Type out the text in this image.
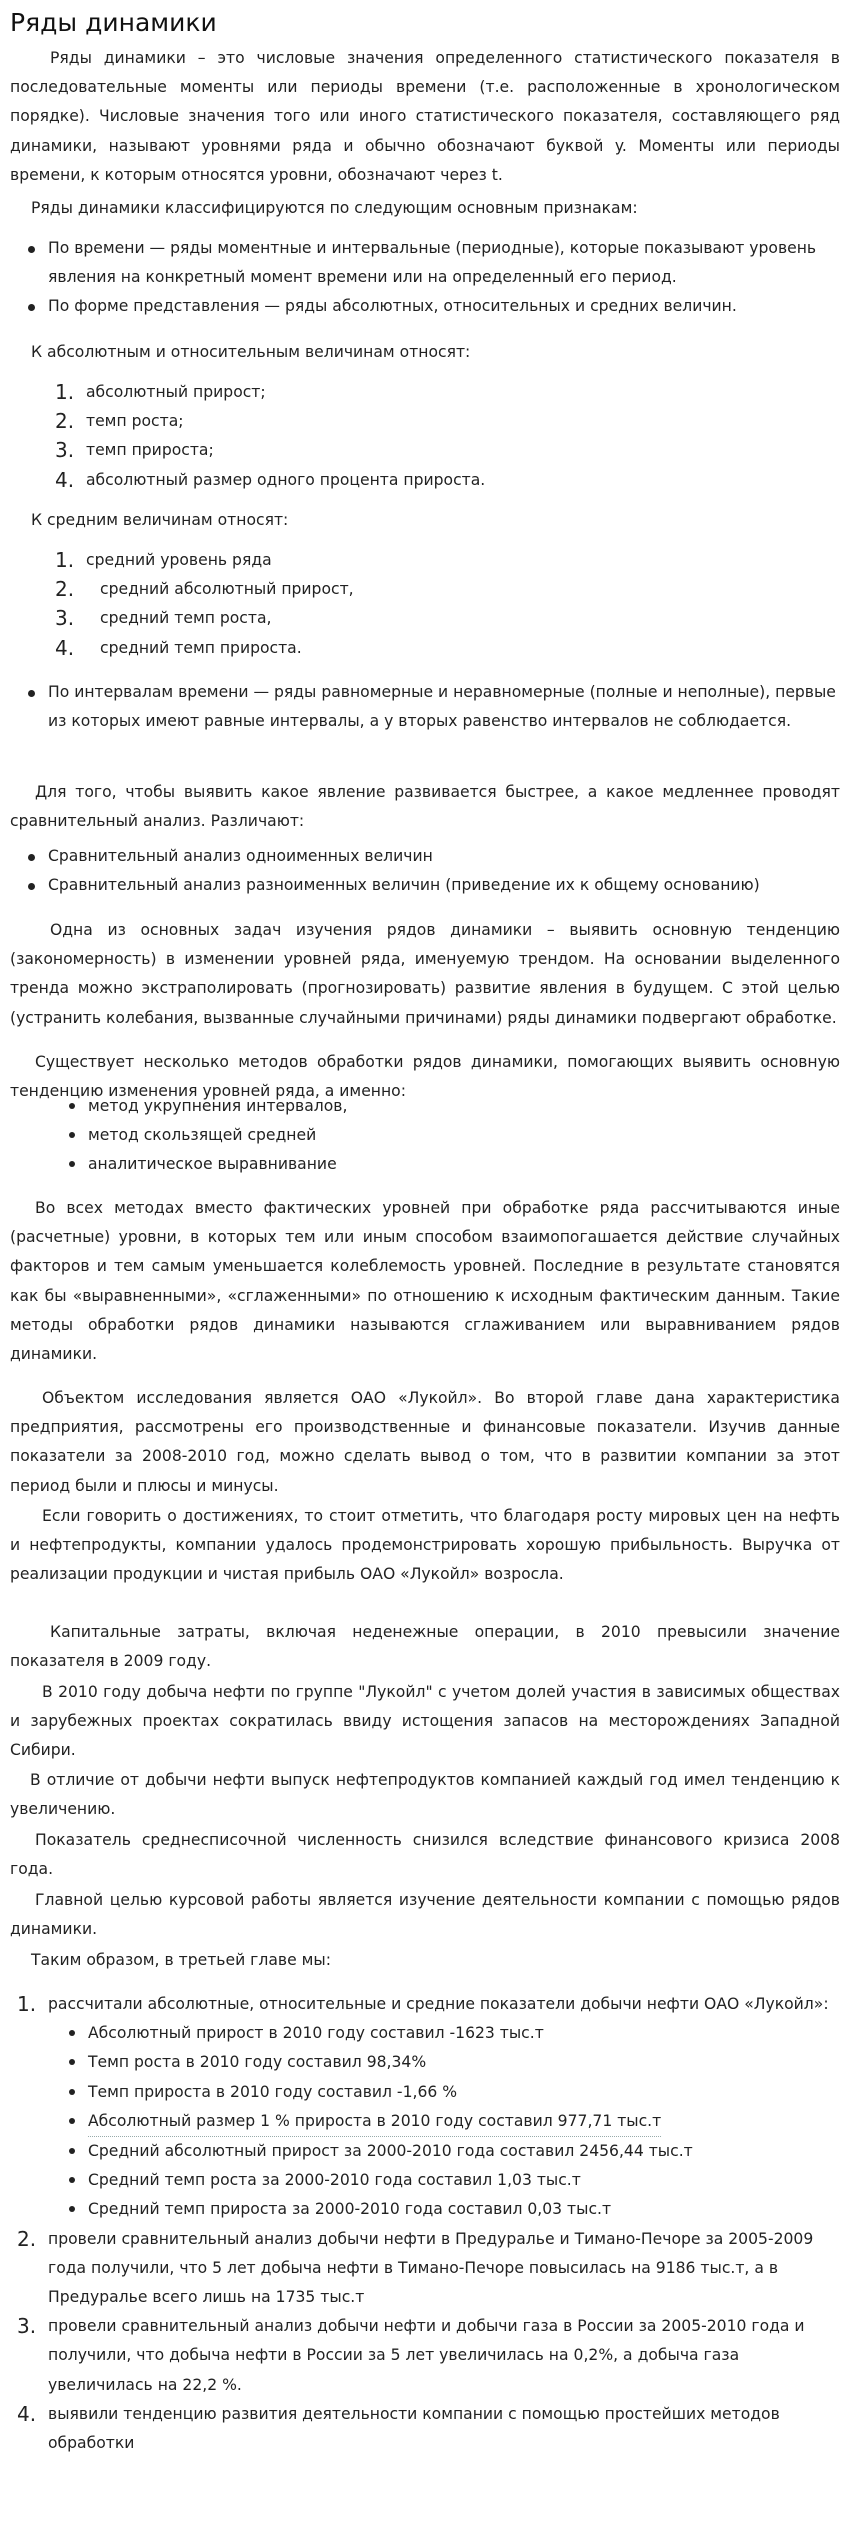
Ряды динамики

Ряды динамики – это числовые значения определенного статистического показателя в последовательные моменты или периоды времени (т.е. расположенные в хронологическом порядке). Числовые значения того или иного статистического показателя, составляющего ряд динамики, называют уровнями ряда и обычно обозначают буквой y. Моменты или периоды времени, к которым относятся уровни, обозначают через t.

Ряды динамики классифицируются по следующим основным признакам:

По времени — ряды моментные и интервальные (периодные), которые показывают уровень явления на конкретный момент времени или на определенный его период.
По форме представления — ряды абсолютных, относительных и средних величин.

К абсолютным и относительным величинам относят:

1. абсолютный прирост;
2. темп роста;
3. темп прироста;
4. абсолютный размер одного процента прироста.

К средним величинам относят:

1. средний уровень ряда
2. средний абсолютный прирост,
3. средний темп роста,
4. средний темп прироста.
По интервалам времени — ряды равномерные и неравномерные (полные и неполные), первые из которых имеют равные интервалы, а у вторых равенство интервалов не соблюдается.

Для того, чтобы выявить какое явление развивается быстрее, а какое медленнее проводят сравнительный анализ. Различают:

Сравнительный анализ одноименных величин
Сравнительный анализ разноименных величин (приведение их к общему основанию)

Одна из основных задач изучения рядов динамики – выявить основную тенденцию (закономерность) в изменении уровней ряда, именуемую трендом. На основании выделенного тренда можно экстраполировать (прогнозировать) развитие явления в будущем. С этой целью (устранить колебания, вызванные случайными причинами) ряды динамики подвергают обработке.

Существует несколько методов обработки рядов динамики, помогающих выявить основную тенденцию изменения уровней ряда, а именно:

метод укрупнения интервалов,
метод скользящей средней
аналитическое выравнивание

Во всех методах вместо фактических уровней при обработке ряда рассчитываются иные (расчетные) уровни, в которых тем или иным способом взаимопогашается действие случайных факторов и тем самым уменьшается колеблемость уровней. Последние в результате становятся как бы «выравненными», «сглаженными» по отношению к исходным фактическим данным. Такие методы обработки рядов динамики называются сглаживанием или выравниванием рядов динамики.

Объектом исследования является ОАО «Лукойл». Во второй главе дана характеристика предприятия, рассмотрены его производственные и финансовые показатели. Изучив данные показатели за 2008-2010 год, можно сделать вывод о том, что в развитии компании за этот период были и плюсы и минусы.

Если говорить о достижениях, то стоит отметить, что благодаря росту мировых цен на нефть и нефтепродукты, компании удалось продемонстрировать хорошую прибыльность. Выручка от реализации продукции и чистая прибыль ОАО «Лукойл» возросла.

Капитальные затраты, включая неденежные операции, в 2010 превысили значение показателя в 2009 году.

В 2010 году добыча нефти по группе "Лукойл" с учетом долей участия в зависимых обществах и зарубежных проектах сократилась ввиду истощения запасов на месторождениях Западной Сибири.

В отличие от добычи нефти выпуск нефтепродуктов компанией каждый год имел тенденцию к увеличению.

Показатель среднесписочной численность снизился вследствие финансового кризиса 2008 года.

Главной целью курсовой работы является изучение деятельности компании с помощью рядов динамики.

Таким образом, в третьей главе мы:

1. рассчитали абсолютные, относительные и средние показатели добычи нефти ОАО «Лукойл»:
Абсолютный прирост в 2010 году составил -1623 тыс.т
Темп роста в 2010 году составил 98,34%
Темп прироста в 2010 году составил -1,66 %
Абсолютный размер 1 % прироста в 2010 году составил 977,71 тыс.т
Средний абсолютный прирост за 2000-2010 года составил 2456,44 тыс.т
Средний темп роста за 2000-2010 года составил 1,03 тыс.т
Средний темп прироста за 2000-2010 года составил 0,03 тыс.т
2. провели сравнительный анализ добычи нефти в Предуралье и Тимано-Печоре за 2005-2009 года получили, что 5 лет добыча нефти в Тимано-Печоре повысилась на 9186 тыс.т, а в Предуралье всего лишь на 1735 тыс.т
3. провели сравнительный анализ добычи нефти и добычи газа в России за 2005-2010 года и получили, что добыча нефти в России за 5 лет увеличилась на 0,2%, а добыча газа увеличилась на 22,2 %.
4. выявили тенденцию развития деятельности компании с помощью простейших методов обработки
